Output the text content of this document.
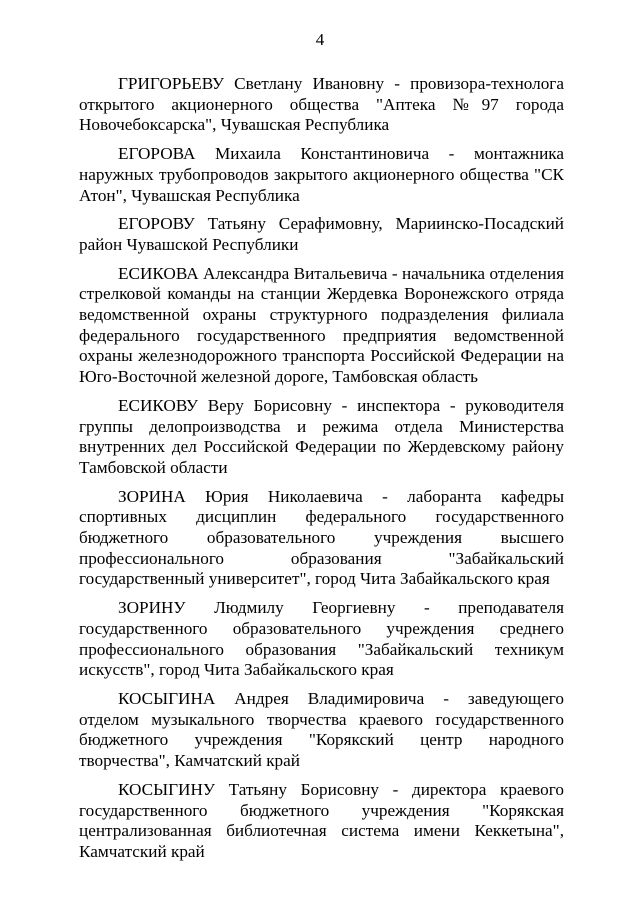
4

ГРИГОРЬЕВУ Светлану Ивановну - провизора-технолога открытого акционерного общества "Аптека №97 города Новочебоксарска", Чувашская Республика

ЕГОРОВА Михаила Константиновича - монтажника наружных трубопроводов закрытого акционерного общества "СК Атон", Чувашская Республика

ЕГОРОВУ Татьяну Серафимовну, Мариинско-Посадский район Чувашской Республики

ЕСИКОВА Александра Витальевича - начальника отделения стрелковой команды на станции Жердевка Воронежского отряда ведомственной охраны структурного подразделения филиала федерального государственного предприятия ведомственной охраны железнодорожного транспорта Российской Федерации на Юго-Восточной железной дороге, Тамбовская область

ЕСИКОВУ Веру Борисовну - инспектора - руководителя группы делопроизводства и режима отдела Министерства внутренних дел Российской Федерации по Жердевскому району Тамбовской области

ЗОРИНА Юрия Николаевича - лаборанта кафедры спортивных дисциплин федерального государственного бюджетного образовательного учреждения высшего профессионального образования "Забайкальский государственный университет", город Чита Забайкальского края

ЗОРИНУ Людмилу Георгиевну - преподавателя государственного образовательного учреждения среднего профессионального образования "Забайкальский техникум искусств", город Чита Забайкальского края

КОСЫГИНА Андрея Владимировича - заведующего отделом музыкального творчества краевого государственного бюджетного учреждения "Корякский центр народного творчества", Камчатский край

КОСЫГИНУ Татьяну Борисовну - директора краевого государственного бюджетного учреждения "Корякская централизованная библиотечная система имени Кеккетына", Камчатский край
